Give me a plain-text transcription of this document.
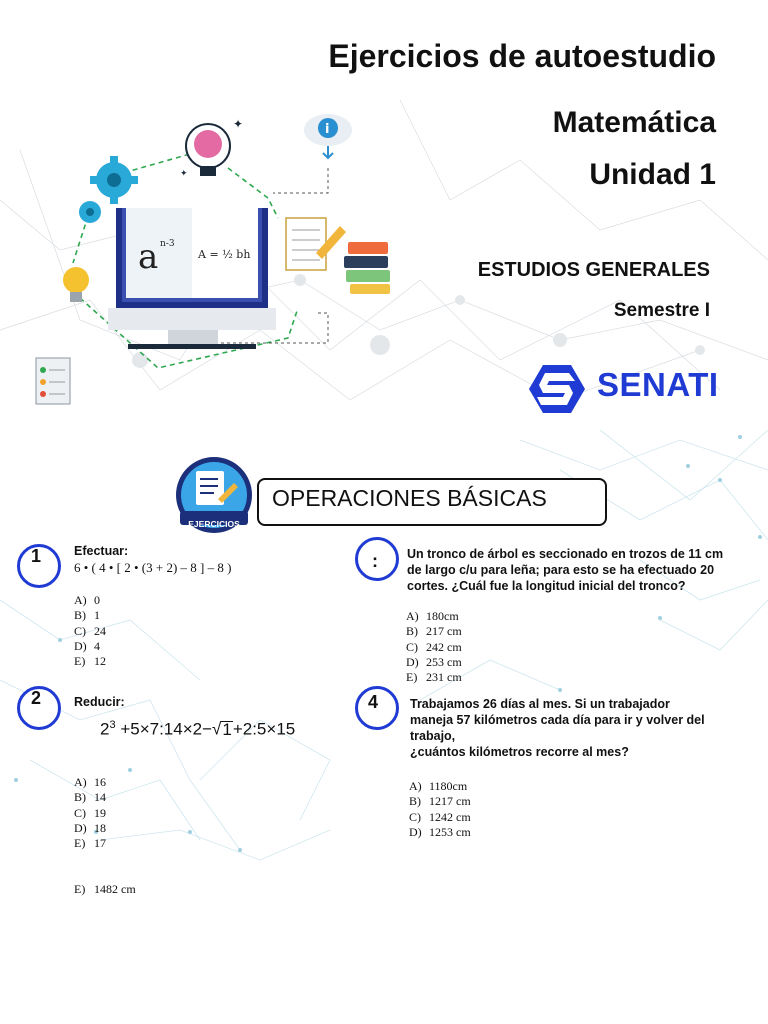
✦
✦
i
a n-3
A = ½ bh
Ejercicios de autoestudio
Matemática
Unidad 1
ESTUDIOS GENERALES
Semestre I
SENATI
OPERACIONES BÁSICAS
EJERCICIOS
1	Efectuar:
6 • ( 4 • [ 2 • (3 + 2) – 8 ] – 8 )
A) 0
B) 1
C) 24
D) 4
E) 12
: Un tronco de árbol es seccionado en trozos de 11 cm
de largo c/u para leña; para esto se ha efectuado 20
cortes. ¿Cuál fue la longitud inicial del tronco?
A) 180cm
B) 217 cm
C) 242 cm
D) 253 cm
E) 231 cm
2	Reducir:
$2^3$ +5×7:14×2−√1+2:5×15
A) 16
B) 14
C) 19
D) 18
E) 17
4	Trabajamos 26 días al mes. Si un trabajador
maneja 57 kilómetros cada día para ir y volver del
trabajo,
¿cuántos kilómetros recorre al mes?
A) 1180cm
B) 1217 cm
C) 1242 cm
D) 1253 cm
E) 1482 cm
